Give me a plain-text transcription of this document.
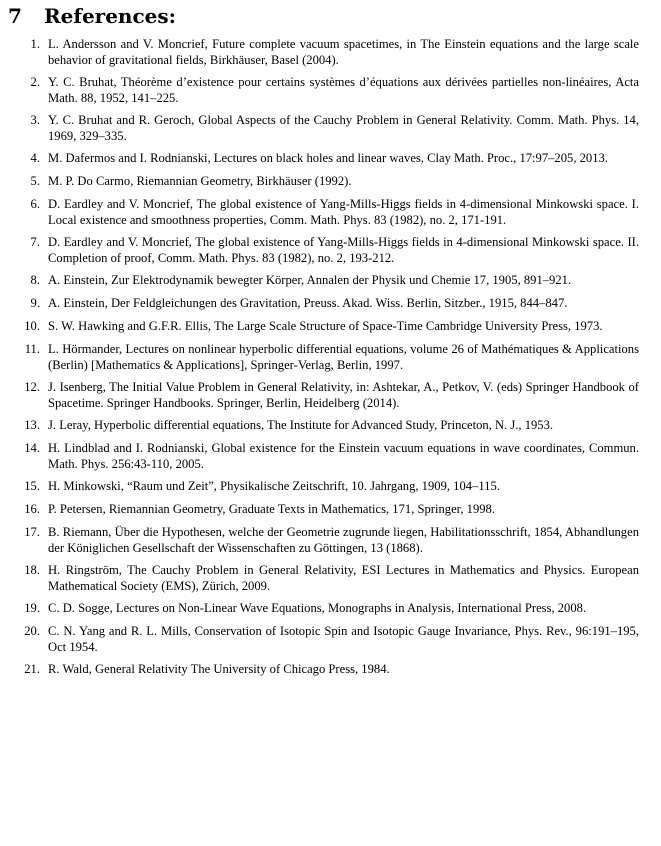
7 References:
1. L. Andersson and V. Moncrief, Future complete vacuum spacetimes, in The Einstein equations and the large scale behavior of gravitational fields, Birkhäuser, Basel (2004).
2. Y. C. Bruhat, Théorème d’existence pour certains systèmes d’équations aux dérivées partielles non-linéaires, Acta Math. 88, 1952, 141–225.
3. Y. C. Bruhat and R. Geroch, Global Aspects of the Cauchy Problem in General Relativity. Comm. Math. Phys. 14, 1969, 329–335.
4. M. Dafermos and I. Rodnianski, Lectures on black holes and linear waves, Clay Math. Proc., 17:97–205, 2013.
5. M. P. Do Carmo, Riemannian Geometry, Birkhäuser (1992).
6. D. Eardley and V. Moncrief, The global existence of Yang-Mills-Higgs fields in 4-dimensional Minkowski space. I. Local existence and smoothness properties, Comm. Math. Phys. 83 (1982), no. 2, 171-191.
7. D. Eardley and V. Moncrief, The global existence of Yang-Mills-Higgs fields in 4-dimensional Minkowski space. II. Completion of proof, Comm. Math. Phys. 83 (1982), no. 2, 193-212.
8. A. Einstein, Zur Elektrodynamik bewegter Körper, Annalen der Physik und Chemie 17, 1905, 891–921.
9. A. Einstein, Der Feldgleichungen des Gravitation, Preuss. Akad. Wiss. Berlin, Sitzber., 1915, 844–847.
10. S. W. Hawking and G.F.R. Ellis, The Large Scale Structure of Space-Time Cambridge University Press, 1973.
11. L. Hörmander, Lectures on nonlinear hyperbolic differential equations, volume 26 of Mathématiques & Applications (Berlin) [Mathematics & Applications], Springer-Verlag, Berlin, 1997.
12. J. Isenberg, The Initial Value Problem in General Relativity, in: Ashtekar, A., Petkov, V. (eds) Springer Handbook of Spacetime. Springer Handbooks. Springer, Berlin, Heidelberg (2014).
13. J. Leray, Hyperbolic differential equations, The Institute for Advanced Study, Princeton, N. J., 1953.
14. H. Lindblad and I. Rodnianski, Global existence for the Einstein vacuum equations in wave coordinates, Commun. Math. Phys. 256:43-110, 2005.
15. H. Minkowski, “Raum und Zeit”, Physikalische Zeitschrift, 10. Jahrgang, 1909, 104–115.
16. P. Petersen, Riemannian Geometry, Graduate Texts in Mathematics, 171, Springer, 1998.
17. B. Riemann, Über die Hypothesen, welche der Geometrie zugrunde liegen, Habilitationsschrift, 1854, Abhandlungen der Königlichen Gesellschaft der Wissenschaften zu Göttingen, 13 (1868).
18. H. Ringström, The Cauchy Problem in General Relativity, ESI Lectures in Mathematics and Physics. European Mathematical Society (EMS), Zürich, 2009.
19. C. D. Sogge, Lectures on Non-Linear Wave Equations, Monographs in Analysis, International Press, 2008.
20. C. N. Yang and R. L. Mills, Conservation of Isotopic Spin and Isotopic Gauge Invariance, Phys. Rev., 96:191–195, Oct 1954.
21. R. Wald, General Relativity The University of Chicago Press, 1984.
